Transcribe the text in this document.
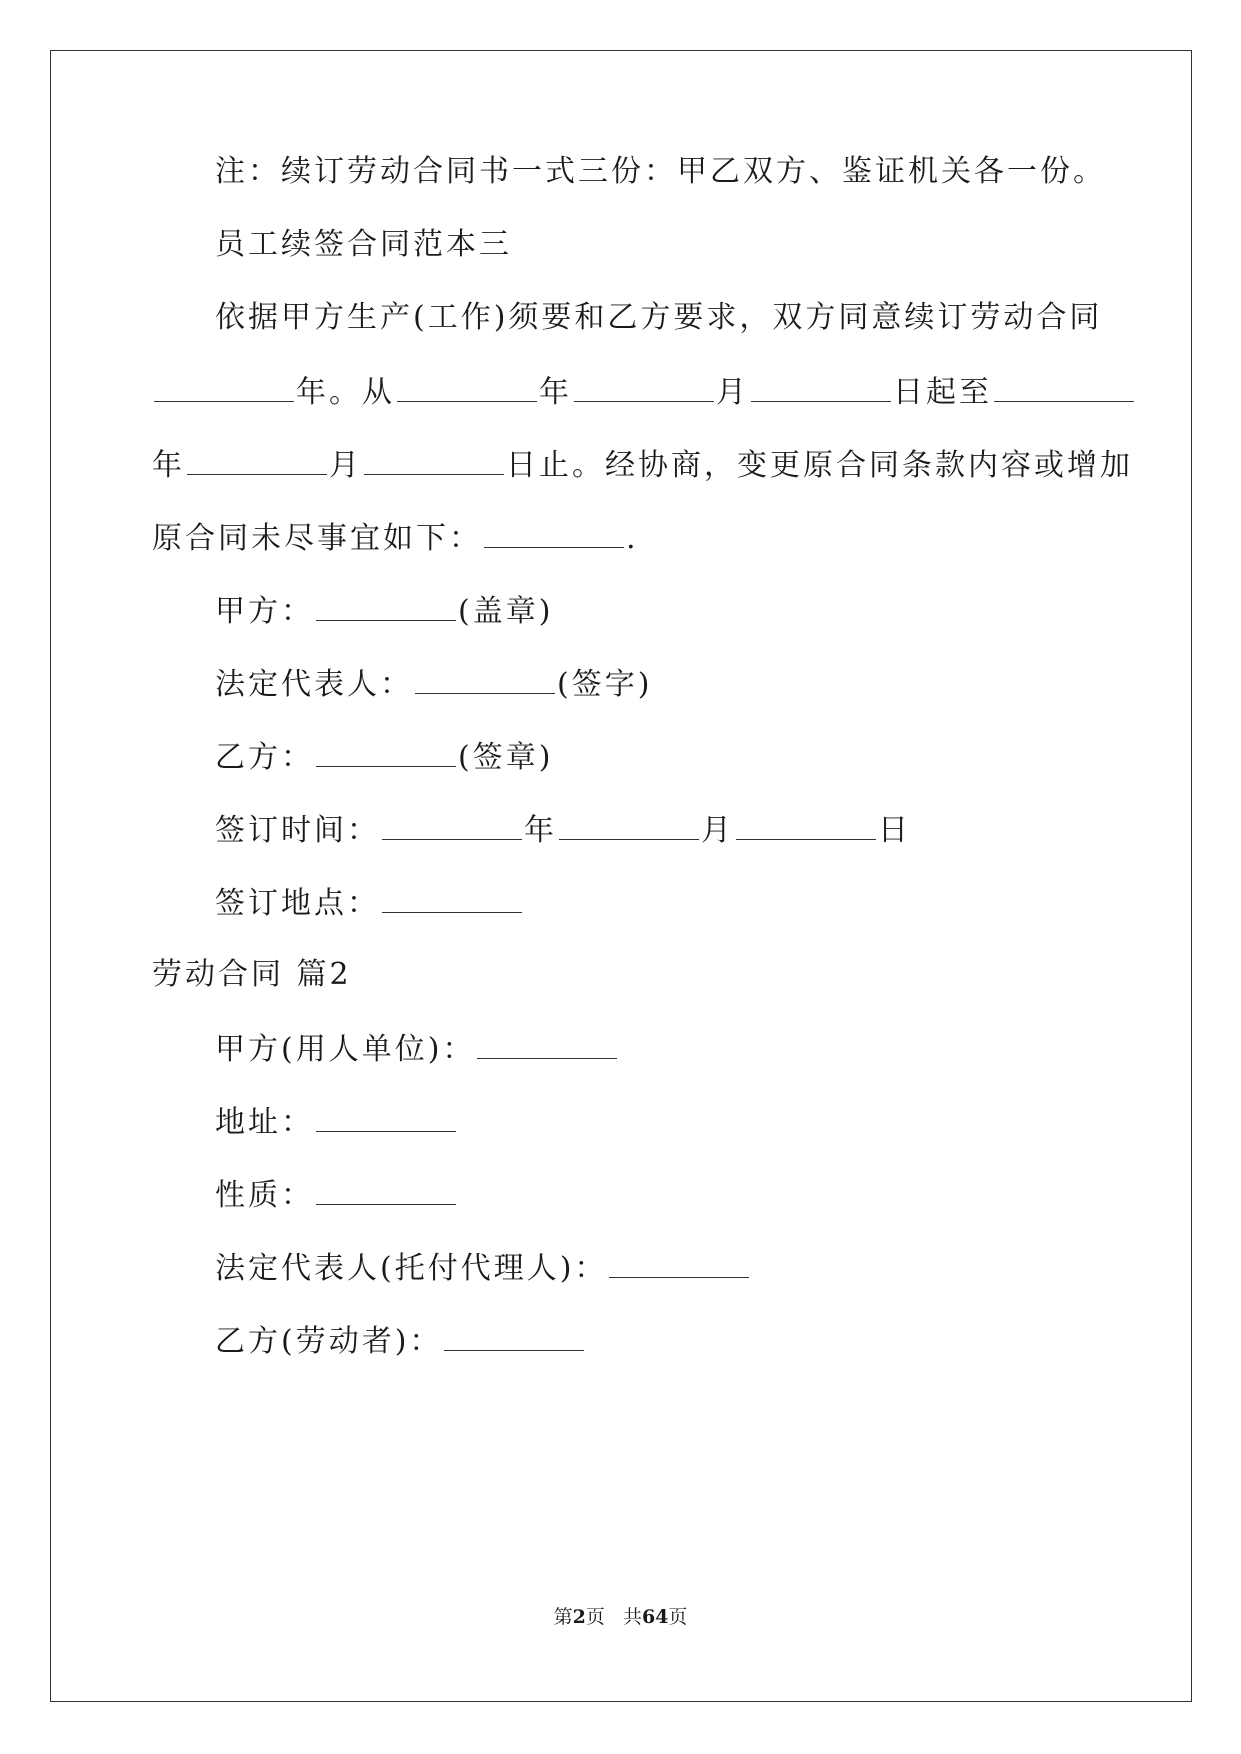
注：续订劳动合同书一式三份：甲乙双方、鉴证机关各一份。
员工续签合同范本三
依据甲方生产(工作)须要和乙方要求，双方同意续订劳动合同
年。从	年	月	日起至
年	月	日止。经协商，变更原合同条款内容或增加
原合同未尽事宜如下：	.
甲方：	(盖章)
法定代表人：	(签字)
乙方：	(签章)
签订时间：	年	月	日
签订地点：
劳动合同 篇2
甲方(用人单位)：
地址：
性质：
法定代表人(托付代理人)：
乙方(劳动者)：
第2页 共64页
